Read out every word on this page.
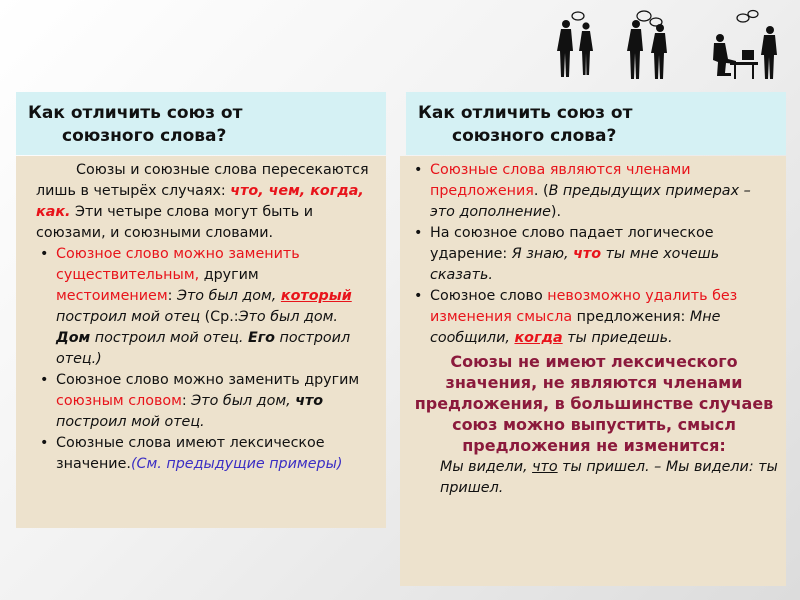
Как отличить союз от
союзного слова?
Как отличить союз от
союзного слова?

Союзы и союзные слова пересекаются лишь в четырёх случаях: что, чем, когда, как. Эти четыре слова могут быть и союзами, и союзными словами.

• Союзное слово можно заменить существительным, другим местоимением: Это был дом, который построил мой отец (Ср.:Это был дом. Дом построил мой отец. Его построил отец.)
• Союзное слово можно заменить другим союзным словом: Это был дом, что построил мой отец.
• Союзные слова имеют лексическое значение.(См. предыдущие примеры)
• Союзные слова являются членами предложения. (В предыдущих примерах – это дополнение).
• На союзное слово падает логическое ударение: Я знаю, что ты мне хочешь сказать.
• Союзное слово невозможно удалить без изменения смысла предложения: Мне сообщили, когда ты приедешь.

Союзы не имеют лексического значения, не являются членами предложения, в большинстве случаев союз можно выпустить, смысл предложения не изменится:

Мы видели, что ты пришел. – Мы видели: ты пришел.
